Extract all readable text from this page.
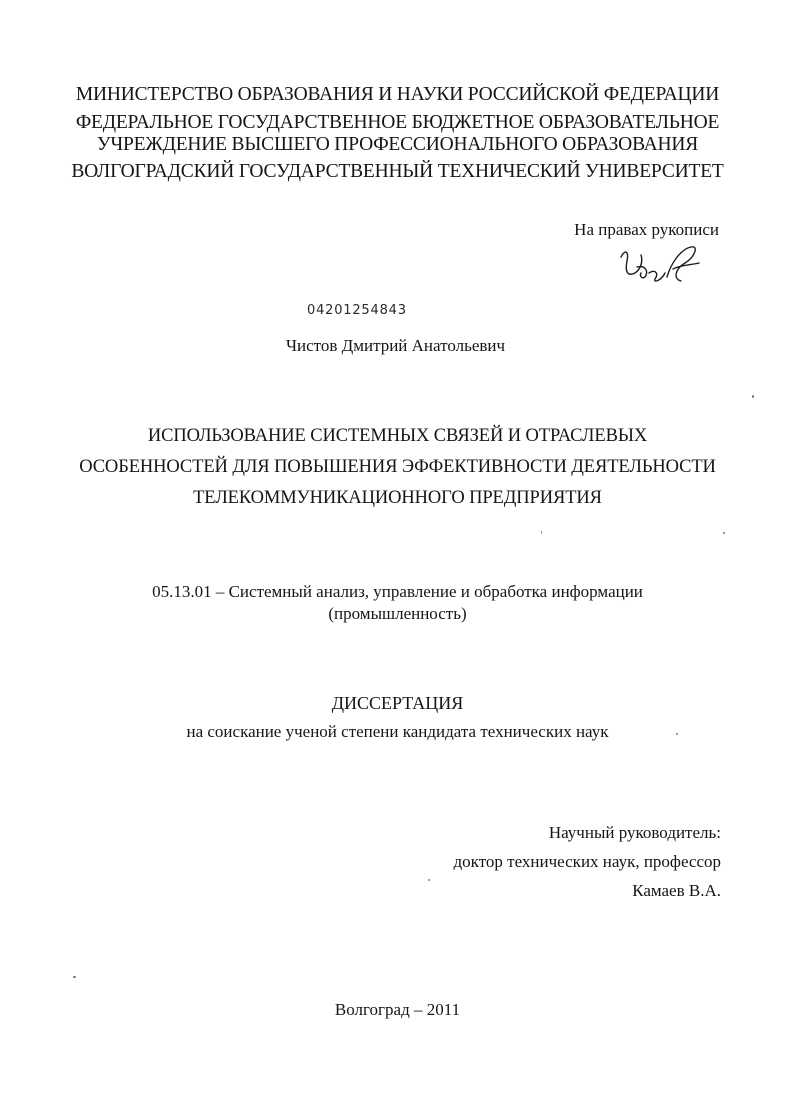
МИНИСТЕРСТВО ОБРАЗОВАНИЯ И НАУКИ РОССИЙСКОЙ ФЕДЕРАЦИИ
ФЕДЕРАЛЬНОЕ ГОСУДАРСТВЕННОЕ БЮДЖЕТНОЕ ОБРАЗОВАТЕЛЬНОЕ
УЧРЕЖДЕНИЕ ВЫСШЕГО ПРОФЕССИОНАЛЬНОГО ОБРАЗОВАНИЯ
ВОЛГОГРАДСКИЙ ГОСУДАРСТВЕННЫЙ ТЕХНИЧЕСКИЙ УНИВЕРСИТЕТ
На правах рукописи
04201254843
Чистов Дмитрий Анатольевич
ИСПОЛЬЗОВАНИЕ СИСТЕМНЫХ СВЯЗЕЙ И ОТРАСЛЕВЫХ
ОСОБЕННОСТЕЙ ДЛЯ ПОВЫШЕНИЯ ЭФФЕКТИВНОСТИ ДЕЯТЕЛЬНОСТИ
ТЕЛЕКОММУНИКАЦИОННОГО ПРЕДПРИЯТИЯ
05.13.01 – Системный анализ, управление и обработка информации
(промышленность)
ДИССЕРТАЦИЯ
на соискание ученой степени кандидата технических наук
Научный руководитель:
доктор технических наук, профессор
Камаев В.А.
Волгоград – 2011
